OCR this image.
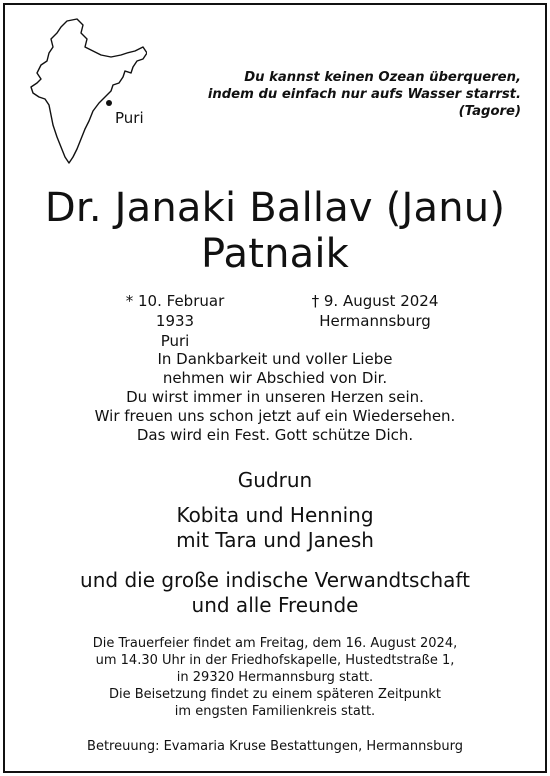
Puri
Du kannst keinen Ozean überqueren,
indem du einfach nur aufs Wasser starrst.
(Tagore)
Dr. Janaki Ballav (Janu)
Patnaik
* 10. Februar 1933
Puri
† 9. August 2024
Hermannsburg
In Dankbarkeit und voller Liebe
nehmen wir Abschied von Dir.
Du wirst immer in unseren Herzen sein.
Wir freuen uns schon jetzt auf ein Wiedersehen.
Das wird ein Fest. Gott schütze Dich.
Gudrun
Kobita und Henning
mit Tara und Janesh
und die große indische Verwandtschaft
und alle Freunde
Die Trauerfeier findet am Freitag, dem 16. August 2024,
um 14.30 Uhr in der Friedhofskapelle, Hustedtstraße 1,
in 29320 Hermannsburg statt.
Die Beisetzung findet zu einem späteren Zeitpunkt
im engsten Familienkreis statt.
Betreuung: Evamaria Kruse Bestattungen, Hermannsburg
